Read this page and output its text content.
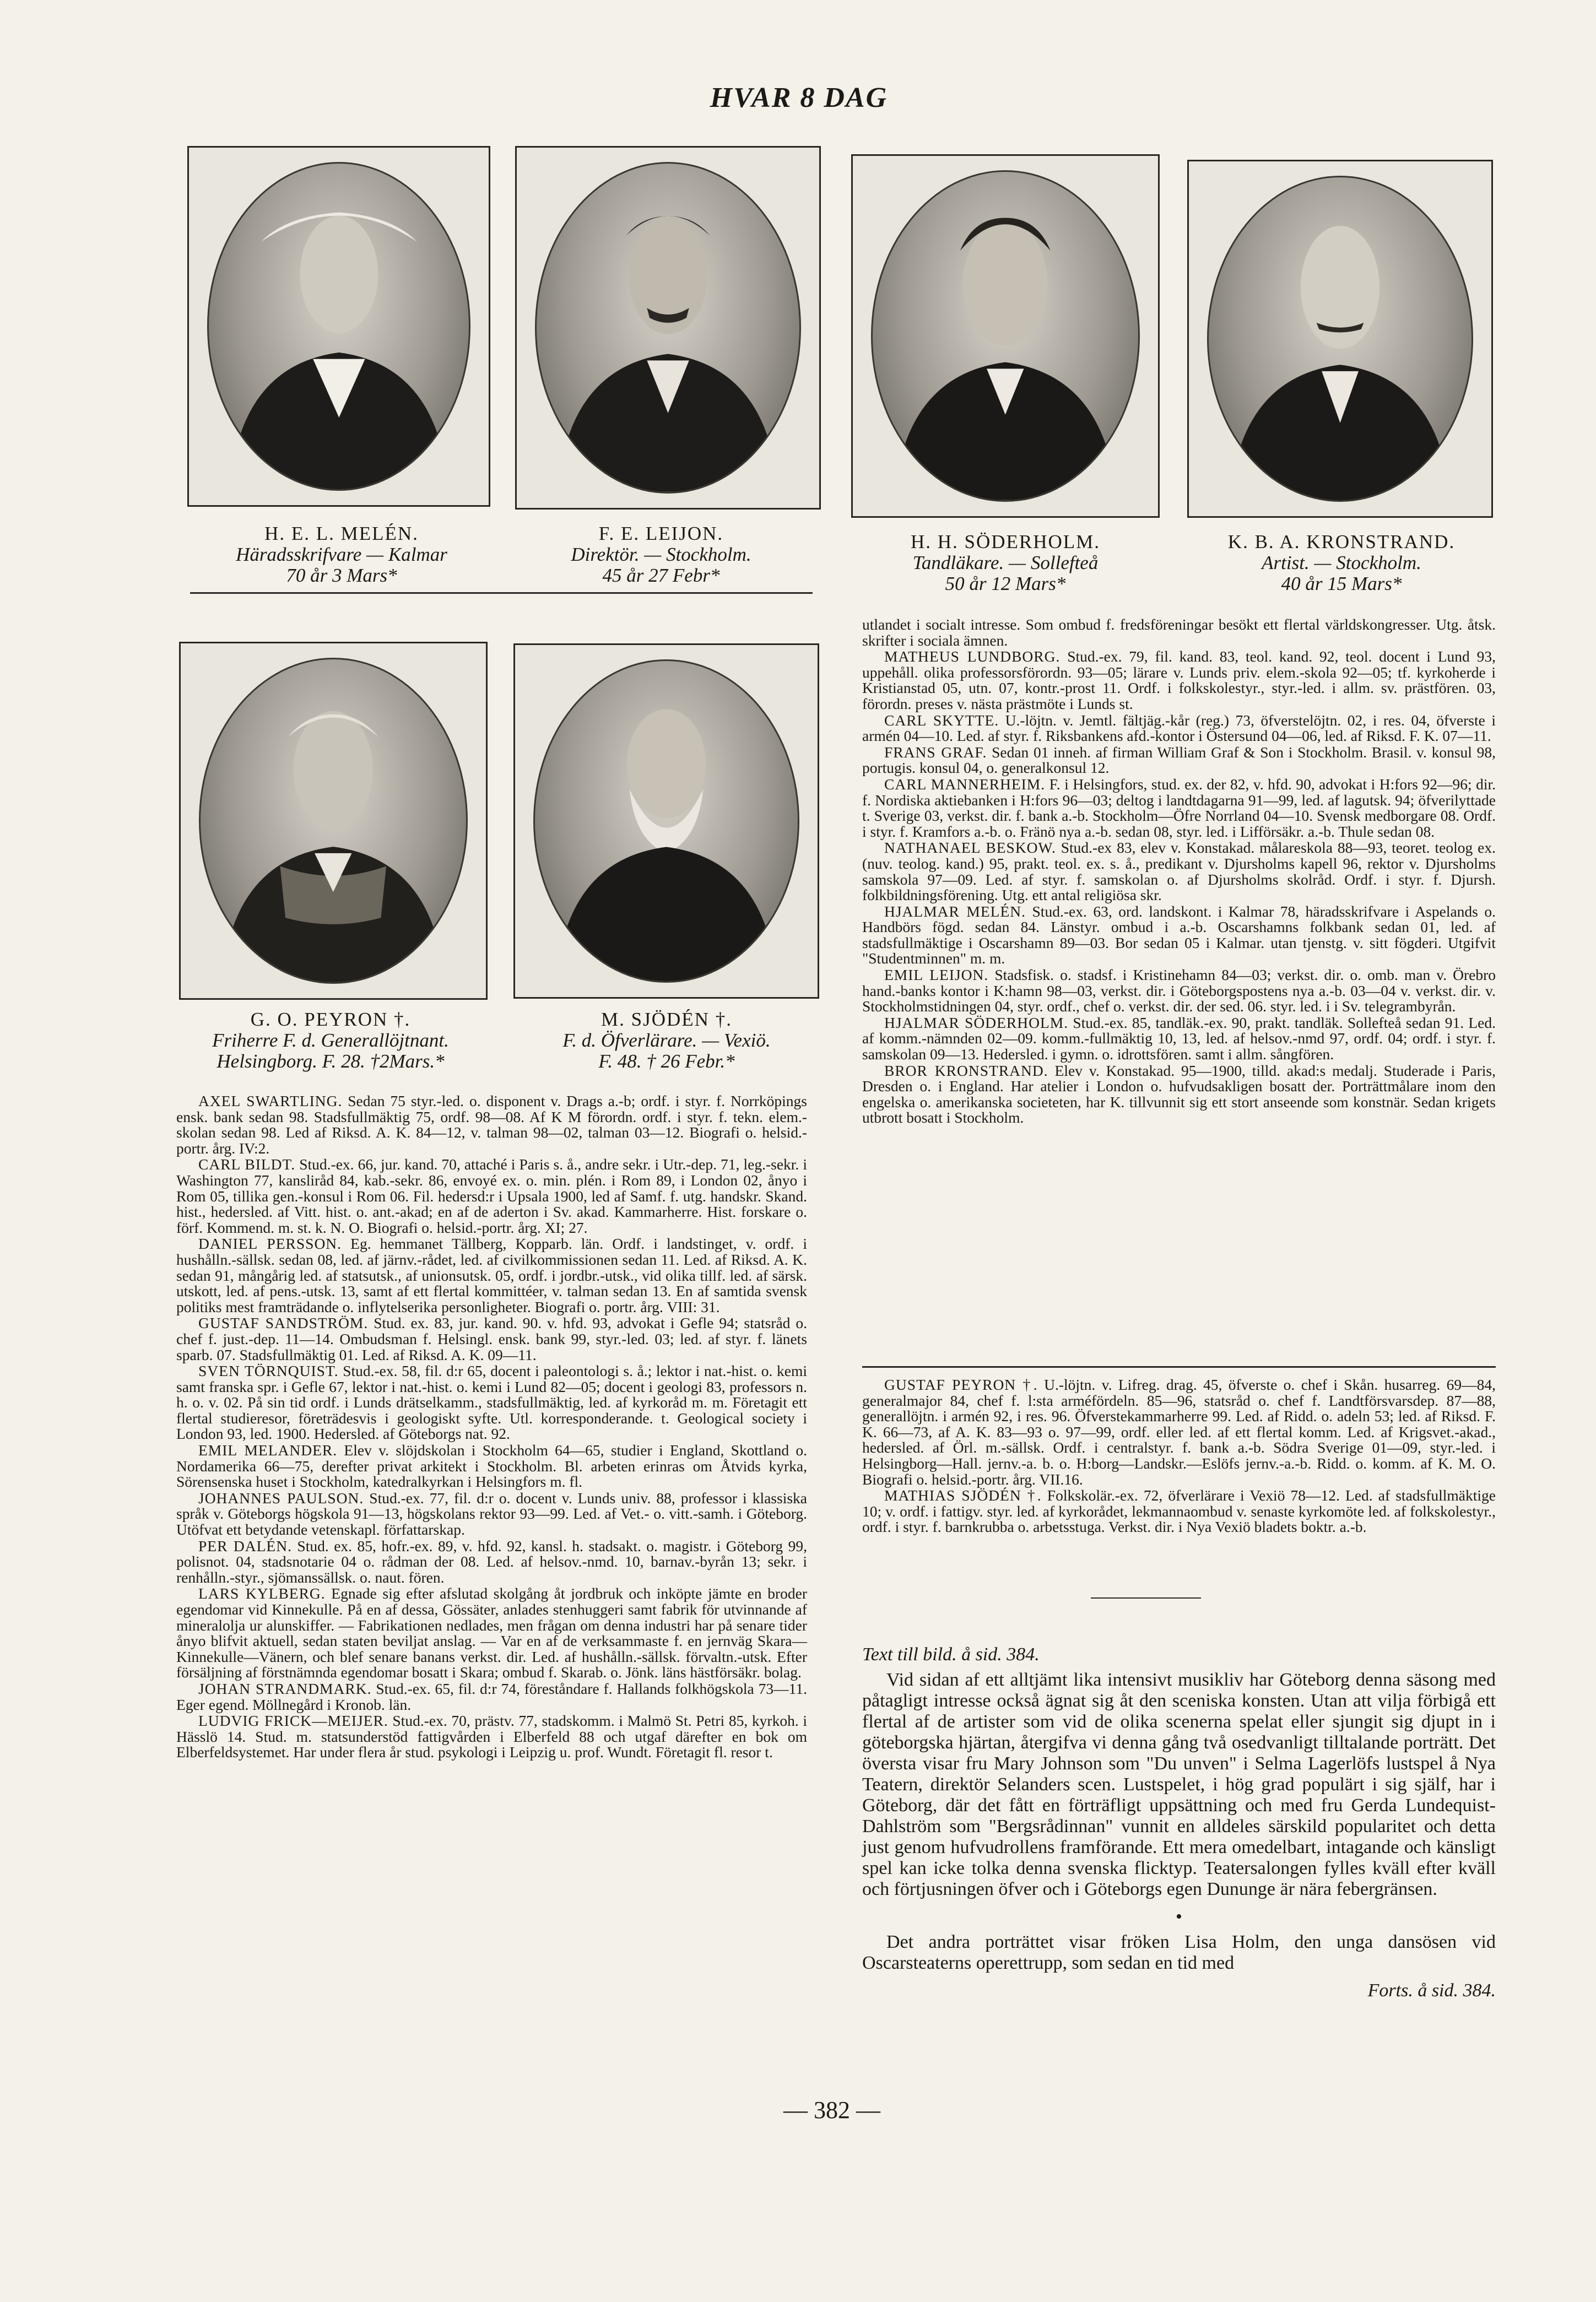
HVAR 8 DAG
H. E. L. MELÉN.
Häradsskrifvare — Kalmar
70 år 3 Mars*
F. E. LEIJON.
Direktör. — Stockholm.
45 år 27 Febr*
H. H. SÖDERHOLM.
Tandläkare. — Sollefteå
50 år 12 Mars*
K. B. A. KRONSTRAND.
Artist. — Stockholm.
40 år 15 Mars*
G. O. PEYRON †.
Friherre F. d. Generallöjtnant.
Helsingborg. F. 28. †2Mars.*
M. SJÖDÉN †.
F. d. Öfverlärare. — Vexiö.
F. 48. † 26 Febr.*

AXEL SWARTLING. Sedan 75 styr.-led. o. disponent v. Drags a.-b; ordf. i styr. f. Norrköpings ensk. bank sedan 98. Stadsfullmäktig 75, ordf. 98—08. Af K M förordn. ordf. i styr. f. tekn. elem.-skolan sedan 98. Led af Riksd. A. K. 84—12, v. talman 98—02, talman 03—12. Biografi o. helsid.-portr. årg. IV:2.

CARL BILDT. Stud.-ex. 66, jur. kand. 70, attaché i Paris s. å., andre sekr. i Utr.-dep. 71, leg.-sekr. i Washington 77, kansliråd 84, kab.-sekr. 86, envoyé ex. o. min. plén. i Rom 89, i London 02, ånyo i Rom 05, tillika gen.-konsul i Rom 06. Fil. hedersd:r i Upsala 1900, led af Samf. f. utg. handskr. Skand. hist., hedersled. af Vitt. hist. o. ant.-akad; en af de aderton i Sv. akad. Kammarherre. Hist. forskare o. förf. Kommend. m. st. k. N. O. Biografi o. helsid.-portr. årg. XI; 27.

DANIEL PERSSON. Eg. hemmanet Tällberg, Kopparb. län. Ordf. i landstinget, v. ordf. i hushålln.-sällsk. sedan 08, led. af järnv.-rådet, led. af civilkommissionen sedan 11. Led. af Riksd. A. K. sedan 91, mångårig led. af statsutsk., af unionsutsk. 05, ordf. i jordbr.-utsk., vid olika tillf. led. af särsk. utskott, led. af pens.-utsk. 13, samt af ett flertal kommittéer, v. talman sedan 13. En af samtida svensk politiks mest framträdande o. inflytelserika personligheter. Biografi o. portr. årg. VIII: 31.

GUSTAF SANDSTRÖM. Stud. ex. 83, jur. kand. 90. v. hfd. 93, advokat i Gefle 94; statsråd o. chef f. just.-dep. 11—14. Ombudsman f. Helsingl. ensk. bank 99, styr.-led. 03; led. af styr. f. länets sparb. 07. Stadsfullmäktig 01. Led. af Riksd. A. K. 09—11.

SVEN TÖRNQUIST. Stud.-ex. 58, fil. d:r 65, docent i paleontologi s. å.; lektor i nat.-hist. o. kemi samt franska spr. i Gefle 67, lektor i nat.-hist. o. kemi i Lund 82—05; docent i geologi 83, professors n. h. o. v. 02. På sin tid ordf. i Lunds drätselkamm., stadsfullmäktig, led. af kyrkoråd m. m. Företagit ett flertal studieresor, företrädesvis i geologiskt syfte. Utl. korresponderande. t. Geological society i London 93, led. 1900. Hedersled. af Göteborgs nat. 92.

EMIL MELANDER. Elev v. slöjdskolan i Stockholm 64—65, studier i England, Skottland o. Nordamerika 66—75, derefter privat arkitekt i Stockholm. Bl. arbeten erinras om Åtvids kyrka, Sörensenska huset i Stockholm, katedralkyrkan i Helsingfors m. fl.

JOHANNES PAULSON. Stud.-ex. 77, fil. d:r o. docent v. Lunds univ. 88, professor i klassiska språk v. Göteborgs högskola 91—13, högskolans rektor 93—99. Led. af Vet.- o. vitt.-samh. i Göteborg. Utöfvat ett betydande vetenskapl. författarskap.

PER DALÉN. Stud. ex. 85, hofr.-ex. 89, v. hfd. 92, kansl. h. stadsakt. o. magistr. i Göteborg 99, polisnot. 04, stadsnotarie 04 o. rådman der 08. Led. af helsov.-nmd. 10, barnav.-byrån 13; sekr. i renhålln.-styr., sjömanssällsk. o. naut. fören.

LARS KYLBERG. Egnade sig efter afslutad skolgång åt jordbruk och inköpte jämte en broder egendomar vid Kinnekulle. På en af dessa, Gössäter, anlades stenhuggeri samt fabrik för utvinnande af mineralolja ur alunskiffer. — Fabrikationen nedlades, men frågan om denna industri har på senare tider ånyo blifvit aktuell, sedan staten beviljat anslag. — Var en af de verksammaste f. en jernväg Skara—Kinnekulle—Vänern, och blef senare banans verkst. dir. Led. af hushålln.-sällsk. förvaltn.-utsk. Efter försäljning af förstnämnda egendomar bosatt i Skara; ombud f. Skarab. o. Jönk. läns hästförsäkr. bolag.

JOHAN STRANDMARK. Stud.-ex. 65, fil. d:r 74, föreståndare f. Hallands folkhögskola 73—11. Eger egend. Möllnegård i Kronob. län.

LUDVIG FRICK—MEIJER. Stud.-ex. 70, prästv. 77, stadskomm. i Malmö St. Petri 85, kyrkoh. i Hässlö 14. Stud. m. statsunderstöd fattigvården i Elberfeld 88 och utgaf därefter en bok om Elberfeldsystemet. Har under flera år stud. psykologi i Leipzig u. prof. Wundt. Företagit fl. resor t.

utlandet i socialt intresse. Som ombud f. fredsföreningar besökt ett flertal världskongresser. Utg. åtsk. skrifter i sociala ämnen.

MATHEUS LUNDBORG. Stud.-ex. 79, fil. kand. 83, teol. kand. 92, teol. docent i Lund 93, uppehåll. olika professorsförordn. 93—05; lärare v. Lunds priv. elem.-skola 92—05; tf. kyrkoherde i Kristianstad 05, utn. 07, kontr.-prost 11. Ordf. i folkskolestyr., styr.-led. i allm. sv. prästfören. 03, förordn. preses v. nästa prästmöte i Lunds st.

CARL SKYTTE. U.-löjtn. v. Jemtl. fältjäg.-kår (reg.) 73, öfverstelöjtn. 02, i res. 04, öfverste i armén 04—10. Led. af styr. f. Riksbankens afd.-kontor i Östersund 04—06, led. af Riksd. F. K. 07—11.

FRANS GRAF. Sedan 01 inneh. af firman William Graf & Son i Stockholm. Brasil. v. konsul 98, portugis. konsul 04, o. generalkonsul 12.

CARL MANNERHEIM. F. i Helsingfors, stud. ex. der 82, v. hfd. 90, advokat i H:fors 92—96; dir. f. Nordiska aktiebanken i H:fors 96—03; deltog i landtdagarna 91—99, led. af lagutsk. 94; öfverilyttade t. Sverige 03, verkst. dir. f. bank a.-b. Stockholm—Öfre Norrland 04—10. Svensk medborgare 08. Ordf. i styr. f. Kramfors a.-b. o. Fränö nya a.-b. sedan 08, styr. led. i Lifförsäkr. a.-b. Thule sedan 08.

NATHANAEL BESKOW. Stud.-ex 83, elev v. Konstakad. målareskola 88—93, teoret. teolog ex. (nuv. teolog. kand.) 95, prakt. teol. ex. s. å., predikant v. Djursholms kapell 96, rektor v. Djursholms samskola 97—09. Led. af styr. f. samskolan o. af Djursholms skolråd. Ordf. i styr. f. Djursh. folkbildningsförening. Utg. ett antal religiösa skr.

HJALMAR MELÉN. Stud.-ex. 63, ord. landskont. i Kalmar 78, häradsskrifvare i Aspelands o. Handbörs fögd. sedan 84. Länstyr. ombud i a.-b. Oscarshamns folkbank sedan 01, led. af stadsfullmäktige i Oscarshamn 89—03. Bor sedan 05 i Kalmar. utan tjenstg. v. sitt fögderi. Utgifvit "Studentminnen" m. m.

EMIL LEIJON. Stadsfisk. o. stadsf. i Kristinehamn 84—03; verkst. dir. o. omb. man v. Örebro hand.-banks kontor i K:hamn 98—03, verkst. dir. i Göteborgspostens nya a.-b. 03—04 v. verkst. dir. v. Stockholmstidningen 04, styr. ordf., chef o. verkst. dir. der sed. 06. styr. led. i i Sv. telegrambyrån.

HJALMAR SÖDERHOLM. Stud.-ex. 85, tandläk.-ex. 90, prakt. tandläk. Sollefteå sedan 91. Led. af komm.-nämnden 02—09. komm.-fullmäktig 10, 13, led. af helsov.-nmd 97, ordf. 04; ordf. i styr. f. samskolan 09—13. Hedersled. i gymn. o. idrottsfören. samt i allm. sångfören.

BROR KRONSTRAND. Elev v. Konstakad. 95—1900, tilld. akad:s medalj. Studerade i Paris, Dresden o. i England. Har atelier i London o. hufvudsakligen bosatt der. Porträttmålare inom den engelska o. amerikanska societeten, har K. tillvunnit sig ett stort anseende som konstnär. Sedan krigets utbrott bosatt i Stockholm.

GUSTAF PEYRON †. U.-löjtn. v. Lifreg. drag. 45, öfverste o. chef i Skån. husarreg. 69—84, generalmajor 84, chef f. l:sta arméfördeln. 85—96, statsråd o. chef f. Landtförsvarsdep. 87—88, generallöjtn. i armén 92, i res. 96. Öfverstekammarherre 99. Led. af Ridd. o. adeln 53; led. af Riksd. F. K. 66—73, af A. K. 83—93 o. 97—99, ordf. eller led. af ett flertal komm. Led. af Krigsvet.-akad., hedersled. af Örl. m.-sällsk. Ordf. i centralstyr. f. bank a.-b. Södra Sverige 01—09, styr.-led. i Helsingborg—Hall. jernv.-a. b. o. H:borg—Landskr.—Eslöfs jernv.-a.-b. Ridd. o. komm. af K. M. O. Biografi o. helsid.-portr. årg. VII.16.

MATHIAS SJÖDÉN †. Folkskolär.-ex. 72, öfverlärare i Vexiö 78—12. Led. af stadsfullmäktige 10; v. ordf. i fattigv. styr. led. af kyrkorådet, lekmannaombud v. senaste kyrkomöte led. af folkskolestyr., ordf. i styr. f. barnkrubba o. arbetsstuga. Verkst. dir. i Nya Vexiö bladets boktr. a.-b.

Text till bild. å sid. 384.

Vid sidan af ett alltjämt lika intensivt musikliv har Göteborg denna säsong med påtagligt intresse också ägnat sig åt den sceniska konsten. Utan att vilja förbigå ett flertal af de artister som vid de olika scenerna spelat eller sjungit sig djupt in i göteborgska hjärtan, återgifva vi denna gång två osedvanligt tilltalande porträtt. Det översta visar fru Mary Johnson som "Du unven" i Selma Lagerlöfs lustspel å Nya Teatern, direktör Selanders scen. Lustspelet, i hög grad populärt i sig själf, har i Göteborg, där det fått en förträfligt uppsättning och med fru Gerda Lundequist-Dahlström som "Bergsrådinnan" vunnit en alldeles särskild popularitet och detta just genom hufvudrollens framförande. Ett mera omedelbart, intagande och känsligt spel kan icke tolka denna svenska flicktyp. Teatersalongen fylles kväll efter kväll och förtjusningen öfver och i Göteborgs egen Dununge är nära febergränsen.

•

Det andra porträttet visar fröken Lisa Holm, den unga dansösen vid Oscarsteaterns operettrupp, som sedan en tid med

Forts. å sid. 384.

— 382 —
